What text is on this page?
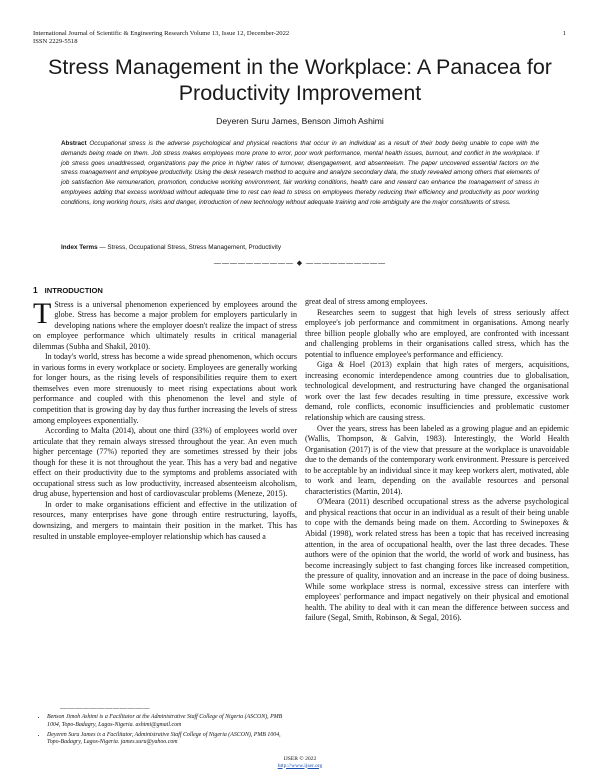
International Journal of Scientific & Engineering Research Volume 13, Issue 12, December-2022
ISSN 2229-5518
1
Stress Management in the Workplace: A Panacea for Productivity Improvement
Deyeren Suru James, Benson Jimoh Ashimi
Abstract Occupational stress is the adverse psychological and physical reactions that occur in an individual as a result of their body being unable to cope with the demands being made on them. Job stress makes employees more prone to error, poor work performance, mental health issues, burnout, and conflict in the workplace. If job stress goes unaddressed, organizations pay the price in higher rates of turnover, disengagement, and absenteeism. The paper uncovered essential factors on the stress management and employee productivity. Using the desk research method to acquire and analyze secondary data, the study revealed among others that elements of job satisfaction like remuneration, promotion, conducive working environment, fair working conditions, health care and reward can enhance the management of stress in employees adding that excess workload without adequate time to rest can lead to stress on employees thereby reducing their efficiency and productivity as poor working conditions, long working hours, risks and danger, introduction of new technology without adequate training and role ambiguity are the major constituents of stress.
Index Terms — Stress, Occupational Stress, Stress Management, Productivity
—————————— ◆ ——————————
1 INTRODUCTION

T Stress is a universal phenomenon experienced by employees around the globe. Stress has become a major problem for employers particularly in developing nations where the employer doesn't realize the impact of stress on employee performance which ultimately results in critical managerial dilemmas (Subha and Shakil, 2010).

In today's world, stress has become a wide spread phenomenon, which occurs in various forms in every workplace or society. Employees are generally working for longer hours, as the rising levels of responsibilities require them to exert themselves even more strenuously to meet rising expectations about work performance and coupled with this phenomenon the level and style of competition that is growing day by day thus further increasing the levels of stress among employees exponentially.

According to Malta (2014), about one third (33%) of employees world over articulate that they remain always stressed throughout the year. An even much higher percentage (77%) reported they are sometimes stressed by their jobs though for these it is not throughout the year. This has a very bad and negative effect on their productivity due to the symptoms and problems associated with occupational stress such as low productivity, increased absenteeism alcoholism, drug abuse, hypertension and host of cardiovascular problems (Meneze, 2015).

In order to make organisations efficient and effective in the utilization of resources, many enterprises have gone through entire restructuring, layoffs, downsizing, and mergers to maintain their position in the market. This has resulted in unstable employee-employer relationship which has caused a

great deal of stress among employees.

Researches seem to suggest that high levels of stress seriously affect employee's job performance and commitment in organisations. Among nearly three billion people globally who are employed, are confronted with incessant and challenging problems in their organisations called stress, which has the potential to influence employee's performance and efficiency.

Giga & Hoel (2013) explain that high rates of mergers, acquisitions, increasing economic interdependence among countries due to globalisation, technological development, and restructuring have changed the organisational work over the last few decades resulting in time pressure, excessive work demand, role conflicts, economic insufficiencies and problematic customer relationship which are causing stress.

Over the years, stress has been labeled as a growing plague and an epidemic (Wallis, Thompson, & Galvin, 1983). Interestingly, the World Health Organisation (2017) is of the view that pressure at the workplace is unavoidable due to the demands of the contemporary work environment. Pressure is perceived to be acceptable by an individual since it may keep workers alert, motivated, able to work and learn, depending on the available resources and personal characteristics (Martin, 2014).

O'Meara (2011) described occupational stress as the adverse psychological and physical reactions that occur in an individual as a result of their being unable to cope with the demands being made on them. According to Swinepoxes & Abidal (1998), work related stress has been a topic that has received increasing attention, in the area of occupational health, over the last three decades. These authors were of the opinion that the world, the world of work and business, has become increasingly subject to fast changing forces like increased competition, the pressure of quality, innovation and an increase in the pace of doing business. While some workplace stress is normal, excessive stress can interfere with employees' performance and impact negatively on their physical and emotional health. The ability to deal with it can mean the difference between success and failure (Segal, Smith, Robinson, & Segal, 2016).

————————————
• Benson Jimoh Ashimi is a Facilitator at the Administrative Staff College of Nigeria (ASCON), PMB 1004, Topo-Badagry, Lagos-Nigeria. ashimi@gmail.com
• Deyeren Suru James is a Facilitator, Administrative Staff College of Nigeria (ASCON), PMB 1004, Topo-Badagry, Lagos-Nigeria. james.suru@yahoo.com
IJSER © 2022
http://www.ijser.org
